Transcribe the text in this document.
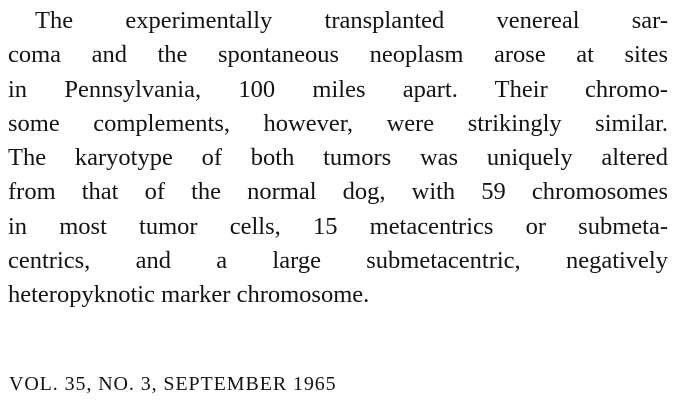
The experimentally transplanted venereal sar-
coma and the spontaneous neoplasm arose at sites
in Pennsylvania, 100 miles apart. Their chromo-
some complements, however, were strikingly similar.
The karyotype of both tumors was uniquely altered
from that of the normal dog, with 59 chromosomes
in most tumor cells, 15 metacentrics or submeta-
centrics, and a large submetacentric, negatively
heteropyknotic marker chromosome.

VOL. 35, NO. 3, SEPTEMBER 1965
